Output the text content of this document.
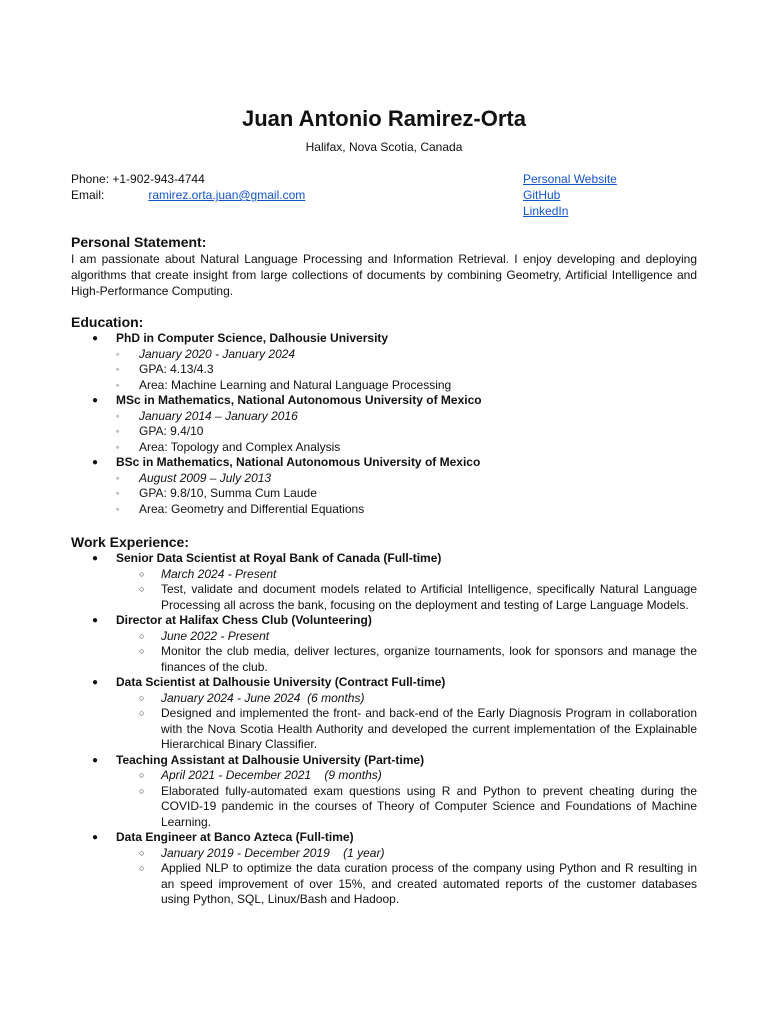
Juan Antonio Ramirez-Orta
Halifax, Nova Scotia, Canada
Phone: +1-902-943-4744
Email:	ramirez.orta.juan@gmail.com
Personal Website
GitHub
LinkedIn
Personal Statement:

I am passionate about Natural Language Processing and Information Retrieval. I enjoy developing and deploying algorithms that create insight from large collections of documents by combining Geometry, Artificial Intelligence and High-Performance Computing.

Education:
● PhD in Computer Science, Dalhousie University
◦ January 2020 - January 2024
◦ GPA: 4.13/4.3
◦ Area: Machine Learning and Natural Language Processing
● MSc in Mathematics, National Autonomous University of Mexico
◦ January 2014 – January 2016
◦ GPA: 9.4/10
◦ Area: Topology and Complex Analysis
● BSc in Mathematics, National Autonomous University of Mexico
◦ August 2009 – July 2013
◦ GPA: 9.8/10, Summa Cum Laude
◦ Area: Geometry and Differential Equations
Work Experience:
● Senior Data Scientist at Royal Bank of Canada (Full-time)
○ March 2024 - Present
○ Test, validate and document models related to Artificial Intelligence, specifically Natural Language Processing all across the bank, focusing on the deployment and testing of Large Language Models.
● Director at Halifax Chess Club (Volunteering)
○ June 2022 - Present
○ Monitor the club media, deliver lectures, organize tournaments, look for sponsors and manage the finances of the club.
● Data Scientist at Dalhousie University (Contract Full-time)
○ January 2024 - June 2024  (6 months)
○ Designed and implemented the front- and back-end of the Early Diagnosis Program in collaboration with the Nova Scotia Health Authority and developed the current implementation of the Explainable Hierarchical Binary Classifier.
● Teaching Assistant at Dalhousie University (Part-time)
○ April 2021 - December 2021    (9 months)
○ Elaborated fully-automated exam questions using R and Python to prevent cheating during the COVID-19 pandemic in the courses of Theory of Computer Science and Foundations of Machine Learning.
● Data Engineer at Banco Azteca (Full-time)
○ January 2019 - December 2019    (1 year)
○ Applied NLP to optimize the data curation process of the company using Python and R resulting in an speed improvement of over 15%, and created automated reports of the customer databases using Python, SQL, Linux/Bash and Hadoop.
